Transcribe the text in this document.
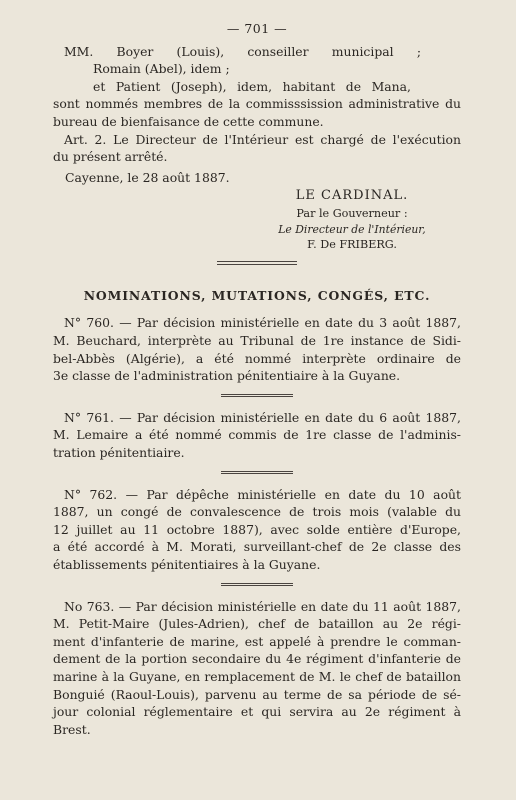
— 701 —
MM. Boyer (Louis), conseiller municipal ;
Romain (Abel), idem ;
et Patient (Joseph), idem, habitant de Mana,
sont nommés membres de la commisssission administrative du
bureau de bienfaisance de cette commune.
Art. 2. Le Directeur de l'Intérieur est chargé de l'exécution
du présent arrêté.
Cayenne, le 28 août 1887.
LE CARDINAL.
Par le Gouverneur :
Le Directeur de l'Intérieur,
F. De FRIBERG.
NOMINATIONS, MUTATIONS, CONGÉS, ETC.
N° 760. — Par décision ministérielle en date du 3 août 1887,
M. Beuchard, interprète au Tribunal de 1re instance de Sidi-
bel-Abbès (Algérie), a été nommé interprète ordinaire de
3e classe de l'administration pénitentiaire à la Guyane.
N° 761. — Par décision ministérielle en date du 6 août 1887,
M. Lemaire a été nommé commis de 1re classe de l'adminis-
tration pénitentiaire.
N° 762. — Par dépêche ministérielle en date du 10 août
1887, un congé de convalescence de trois mois (valable du
12 juillet au 11 octobre 1887), avec solde entière d'Europe,
a été accordé à M. Morati, surveillant-chef de 2e classe des
établissements pénitentiaires à la Guyane.
No 763. — Par décision ministérielle en date du 11 août 1887,
M. Petit-Maire (Jules-Adrien), chef de bataillon au 2e régi-
ment d'infanterie de marine, est appelé à prendre le comman-
dement de la portion secondaire du 4e régiment d'infanterie de
marine à la Guyane, en remplacement de M. le chef de bataillon
Bonguié (Raoul-Louis), parvenu au terme de sa période de sé-
jour colonial réglementaire et qui servira au 2e régiment à Brest.
